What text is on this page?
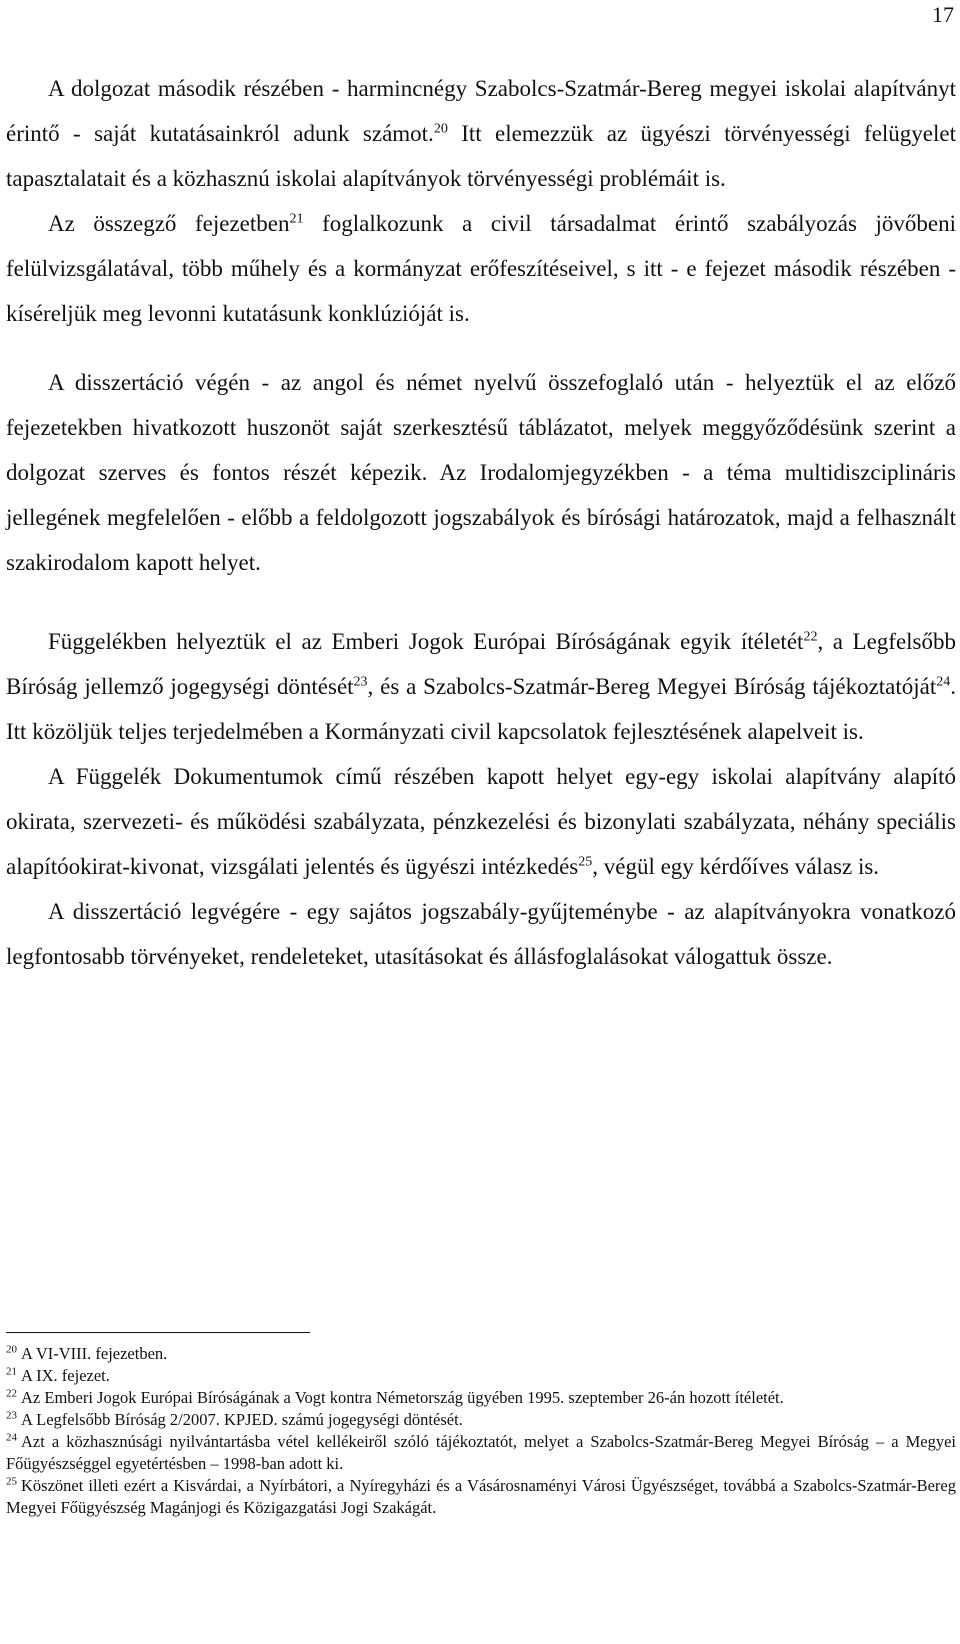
17

A dolgozat második részében - harmincnégy Szabolcs-Szatmár-Bereg megyei iskolai alapítványt érintő - saját kutatásainkról adunk számot.$^{20}$ Itt elemezzük az ügyészi törvényességi felügyelet tapasztalatait és a közhasznú iskolai alapítványok törvényességi problémáit is.

Az összegző fejezetben$^{21}$ foglalkozunk a civil társadalmat érintő szabályozás jövőbeni felülvizsgálatával, több műhely és a kormányzat erőfeszítéseivel, s itt - e fejezet második részében - kíséreljük meg levonni kutatásunk konklúzióját is.

A disszertáció végén - az angol és német nyelvű összefoglaló után - helyeztük el az előző fejezetekben hivatkozott huszonöt saját szerkesztésű táblázatot, melyek meggyőződésünk szerint a dolgozat szerves és fontos részét képezik. Az Irodalomjegyzékben - a téma multidiszciplináris jellegének megfelelően - előbb a feldolgozott jogszabályok és bírósági határozatok, majd a felhasznált szakirodalom kapott helyet.

Függelékben helyeztük el az Emberi Jogok Európai Bíróságának egyik ítéletét$^{22}$, a Legfelsőbb Bíróság jellemző jogegységi döntését$^{23}$, és a Szabolcs-Szatmár-Bereg Megyei Bíróság tájékoztatóját$^{24}$. Itt közöljük teljes terjedelmében a Kormányzati civil kapcsolatok fejlesztésének alapelveit is.

A Függelék Dokumentumok című részében kapott helyet egy-egy iskolai alapítvány alapító okirata, szervezeti- és működési szabályzata, pénzkezelési és bizonylati szabályzata, néhány speciális alapítóokirat-kivonat, vizsgálati jelentés és ügyészi intézkedés$^{25}$, végül egy kérdőíves válasz is.

A disszertáció legvégére - egy sajátos jogszabály-gyűjteménybe - az alapítványokra vonatkozó legfontosabb törvényeket, rendeleteket, utasításokat és állásfoglalásokat válogattuk össze.

$^{20}$ A VI-VIII. fejezetben.

$^{21}$ A IX. fejezet.

$^{22}$ Az Emberi Jogok Európai Bíróságának a Vogt kontra Németország ügyében 1995. szeptember 26-án hozott ítéletét.

$^{23}$ A Legfelsőbb Bíróság 2/2007. KPJED. számú jogegységi döntését.

$^{24}$ Azt a közhasznúsági nyilvántartásba vétel kellékeiről szóló tájékoztatót, melyet a Szabolcs-Szatmár-Bereg Megyei Bíróság – a Megyei Főügyészséggel egyetértésben – 1998-ban adott ki.

$^{25}$ Köszönet illeti ezért a Kisvárdai, a Nyírbátori, a Nyíregyházi és a Vásárosnaményi Városi Ügyészséget, továbbá a Szabolcs-Szatmár-Bereg Megyei Főügyészség Magánjogi és Közigazgatási Jogi Szakágát.
